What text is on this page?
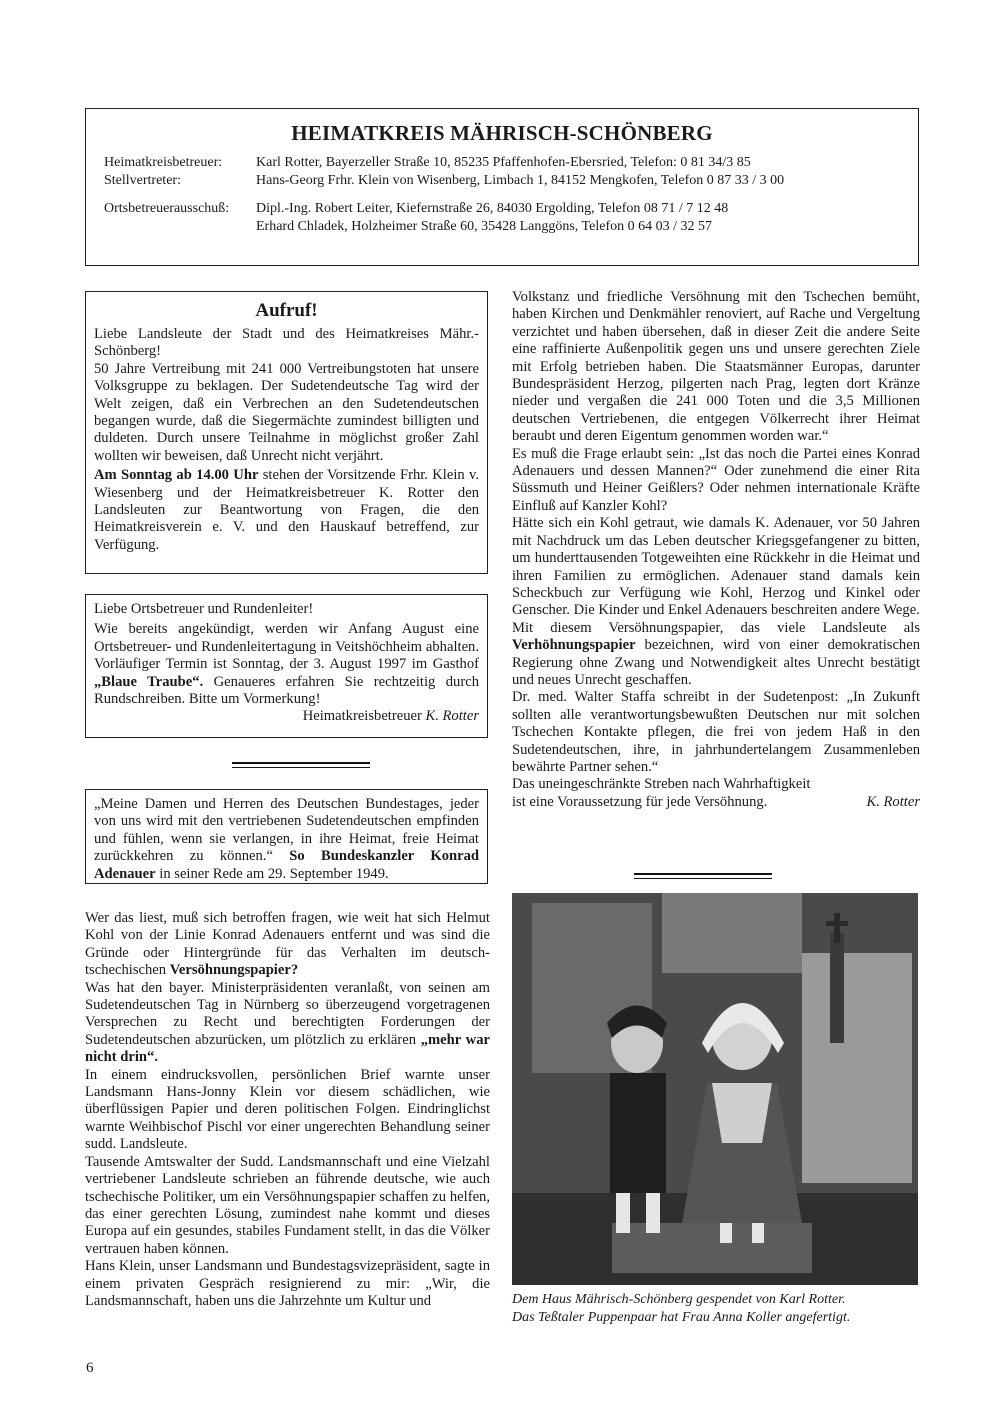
HEIMATKREIS MÄHRISCH-SCHÖNBERG
Heimatkreisbetreuer:	Karl Rotter, Bayerzeller Straße 10, 85235 Pfaffenhofen-Ebersried, Telefon: 0 81 34/3 85
Stellvertreter:	Hans-Georg Frhr. Klein von Wisenberg, Limbach 1, 84152 Mengkofen, Telefon 0 87 33 / 3 00
Ortsbetreuerausschuß:	Dipl.-Ing. Robert Leiter, Kiefernstraße 26, 84030 Ergolding, Telefon 08 71 / 7 12 48
Erhard Chladek, Holzheimer Straße 60, 35428 Langgöns, Telefon 0 64 03 / 32 57
Aufruf!

Liebe Landsleute der Stadt und des Heimatkreises Mähr.-Schönberg!

50 Jahre Vertreibung mit 241 000 Vertreibungstoten hat unsere Volksgruppe zu beklagen. Der Sudetendeutsche Tag wird der Welt zeigen, daß ein Verbrechen an den Sudetendeutschen begangen wurde, daß die Siegermächte zumindest billigten und duldeten. Durch unsere Teilnahme in möglichst großer Zahl wollten wir beweisen, daß Unrecht nicht verjährt.

Am Sonntag ab 14.00 Uhr stehen der Vorsitzende Frhr. Klein v. Wiesenberg und der Heimatkreisbetreuer K. Rotter den Landsleuten zur Beantwortung von Fragen, die den Heimatkreisverein e. V. und den Hauskauf betreffend, zur Verfügung.

Liebe Ortsbetreuer und Rundenleiter!

Wie bereits angekündigt, werden wir Anfang August eine Ortsbetreuer- und Rundenleitertagung in Veitshöchheim abhalten. Vorläufiger Termin ist Sonntag, der 3. August 1997 im Gasthof „Blaue Traube“. Genaueres erfahren Sie rechtzeitig durch Rundschreiben. Bitte um Vormerkung!

Heimatkreisbetreuer K. Rotter

„Meine Damen und Herren des Deutschen Bundestages, jeder von uns wird mit den vertriebenen Sudetendeutschen empfinden und fühlen, wenn sie verlangen, in ihre Heimat, freie Heimat zurückkehren zu können.“ So Bundeskanzler Konrad Adenauer in seiner Rede am 29. September 1949.

Wer das liest, muß sich betroffen fragen, wie weit hat sich Helmut Kohl von der Linie Konrad Adenauers entfernt und was sind die Gründe oder Hintergründe für das Verhalten im deutsch-tschechischen Versöhnungspapier?

Was hat den bayer. Ministerpräsidenten veranlaßt, von seinen am Sudetendeutschen Tag in Nürnberg so überzeugend vorgetragenen Versprechen zu Recht und berechtigten Forderungen der Sudetendeutschen abzurücken, um plötzlich zu erklären „mehr war nicht drin“.

In einem eindrucksvollen, persönlichen Brief warnte unser Landsmann Hans-Jonny Klein vor diesem schädlichen, wie überflüssigen Papier und deren politischen Folgen. Eindringlichst warnte Weihbischof Pischl vor einer ungerechten Behandlung seiner sudd. Landsleute.

Tausende Amtswalter der Sudd. Landsmannschaft und eine Vielzahl vertriebener Landsleute schrieben an führende deutsche, wie auch tschechische Politiker, um ein Versöhnungspapier schaffen zu helfen, das einer gerechten Lösung, zumindest nahe kommt und dieses Europa auf ein gesundes, stabiles Fundament stellt, in das die Völker vertrauen haben können.

Hans Klein, unser Landsmann und Bundestagsvizepräsident, sagte in einem privaten Gespräch resignierend zu mir: „Wir, die Landsmannschaft, haben uns die Jahrzehnte um Kultur und

Volkstanz und friedliche Versöhnung mit den Tschechen bemüht, haben Kirchen und Denkmähler renoviert, auf Rache und Vergeltung verzichtet und haben übersehen, daß in dieser Zeit die andere Seite eine raffinierte Außenpolitik gegen uns und unsere gerechten Ziele mit Erfolg betrieben haben. Die Staatsmänner Europas, darunter Bundespräsident Herzog, pilgerten nach Prag, legten dort Kränze nieder und vergaßen die 241 000 Toten und die 3,5 Millionen deutschen Vertriebenen, die entgegen Völkerrecht ihrer Heimat beraubt und deren Eigentum genommen worden war.“

Es muß die Frage erlaubt sein: „Ist das noch die Partei eines Konrad Adenauers und dessen Mannen?“ Oder zunehmend die einer Rita Süssmuth und Heiner Geißlers? Oder nehmen internationale Kräfte Einfluß auf Kanzler Kohl?

Hätte sich ein Kohl getraut, wie damals K. Adenauer, vor 50 Jahren mit Nachdruck um das Leben deutscher Kriegsgefangener zu bitten, um hunderttausenden Totgeweihten eine Rückkehr in die Heimat und ihren Familien zu ermöglichen. Adenauer stand damals kein Scheckbuch zur Verfügung wie Kohl, Herzog und Kinkel oder Genscher. Die Kinder und Enkel Adenauers beschreiten andere Wege.

Mit diesem Versöhnungspapier, das viele Landsleute als Verhöhnungspapier bezeichnen, wird von einer demokratischen Regierung ohne Zwang und Notwendigkeit altes Unrecht bestätigt und neues Unrecht geschaffen.

Dr. med. Walter Staffa schreibt in der Sudetenpost: „In Zukunft sollten alle verantwortungsbewußten Deutschen nur mit solchen Tschechen Kontakte pflegen, die frei von jedem Haß in den Sudetendeutschen, ihre, in jahrhundertelangem Zusammenleben bewährte Partner sehen.“

Das uneingeschränkte Streben nach Wahrhaftigkeit ist eine Voraussetzung für jede Versöhnung.	K. Rotter

Dem Haus Mährisch-Schönberg gespendet von Karl Rotter.
Das Teßtaler Puppenpaar hat Frau Anna Koller angefertigt.
6
